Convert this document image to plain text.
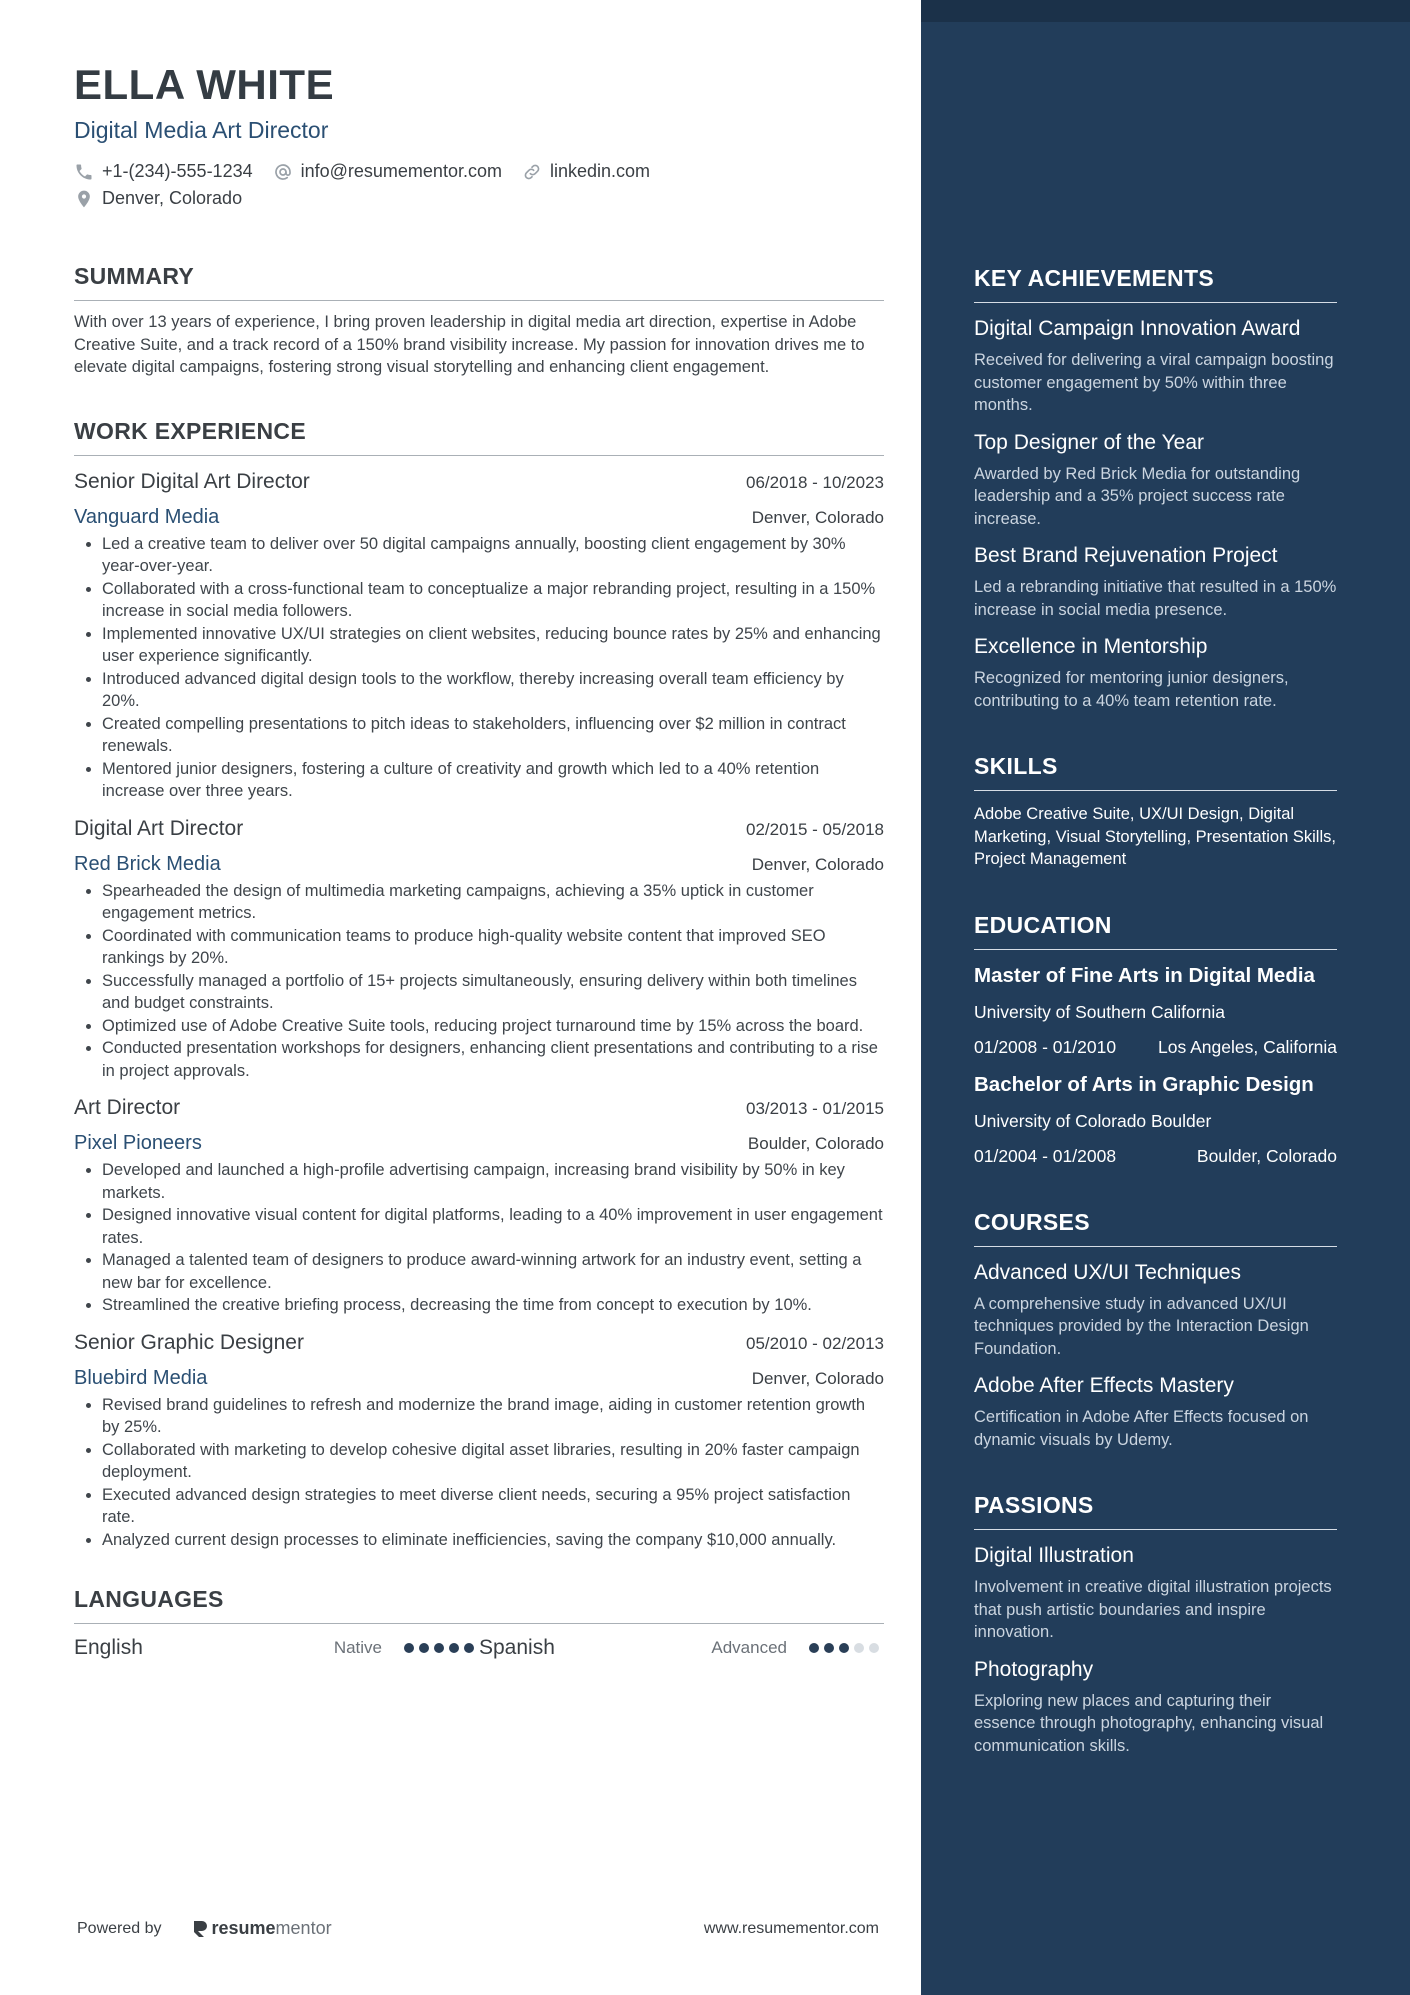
ELLA WHITE
Digital Media Art Director
+1-(234)-555-1234	info@resumementor.com	linkedin.com
Denver, Colorado
SUMMARY
With over 13 years of experience, I bring proven leadership in digital media art direction, expertise in Adobe Creative Suite, and a track record of a 150% brand visibility increase. My passion for innovation drives me to elevate digital campaigns, fostering strong visual storytelling and enhancing client engagement.
WORK EXPERIENCE
Senior Digital Art Director	06/2018 - 10/2023
Vanguard Media	Denver, Colorado
• Led a creative team to deliver over 50 digital campaigns annually, boosting client engagement by 30% year-over-year.
• Collaborated with a cross-functional team to conceptualize a major rebranding project, resulting in a 150% increase in social media followers.
• Implemented innovative UX/UI strategies on client websites, reducing bounce rates by 25% and enhancing user experience significantly.
• Introduced advanced digital design tools to the workflow, thereby increasing overall team efficiency by 20%.
• Created compelling presentations to pitch ideas to stakeholders, influencing over $2 million in contract renewals.
• Mentored junior designers, fostering a culture of creativity and growth which led to a 40% retention increase over three years.
Digital Art Director	02/2015 - 05/2018
Red Brick Media	Denver, Colorado
• Spearheaded the design of multimedia marketing campaigns, achieving a 35% uptick in customer engagement metrics.
• Coordinated with communication teams to produce high-quality website content that improved SEO rankings by 20%.
• Successfully managed a portfolio of 15+ projects simultaneously, ensuring delivery within both timelines and budget constraints.
• Optimized use of Adobe Creative Suite tools, reducing project turnaround time by 15% across the board.
• Conducted presentation workshops for designers, enhancing client presentations and contributing to a rise in project approvals.
Art Director	03/2013 - 01/2015
Pixel Pioneers	Boulder, Colorado
• Developed and launched a high-profile advertising campaign, increasing brand visibility by 50% in key markets.
• Designed innovative visual content for digital platforms, leading to a 40% improvement in user engagement rates.
• Managed a talented team of designers to produce award-winning artwork for an industry event, setting a new bar for excellence.
• Streamlined the creative briefing process, decreasing the time from concept to execution by 10%.
Senior Graphic Designer	05/2010 - 02/2013
Bluebird Media	Denver, Colorado
• Revised brand guidelines to refresh and modernize the brand image, aiding in customer retention growth by 25%.
• Collaborated with marketing to develop cohesive digital asset libraries, resulting in 20% faster campaign deployment.
• Executed advanced design strategies to meet diverse client needs, securing a 95% project satisfaction rate.
• Analyzed current design processes to eliminate inefficiencies, saving the company $10,000 annually.
LANGUAGES
English	Native	Spanish	Advanced
Powered by	resume mentor	www.resumementor.com
KEY ACHIEVEMENTS
Digital Campaign Innovation Award
Received for delivering a viral campaign boosting customer engagement by 50% within three months.
Top Designer of the Year
Awarded by Red Brick Media for outstanding leadership and a 35% project success rate increase.
Best Brand Rejuvenation Project
Led a rebranding initiative that resulted in a 150% increase in social media presence.
Excellence in Mentorship
Recognized for mentoring junior designers, contributing to a 40% team retention rate.
SKILLS
Adobe Creative Suite, UX/UI Design, Digital Marketing, Visual Storytelling, Presentation Skills, Project Management
EDUCATION
Master of Fine Arts in Digital Media
University of Southern California
01/2008 - 01/2010 Los Angeles, California
Bachelor of Arts in Graphic Design
University of Colorado Boulder
01/2004 - 01/2008	Boulder, Colorado
COURSES
Advanced UX/UI Techniques
A comprehensive study in advanced UX/UI techniques provided by the Interaction Design Foundation.
Adobe After Effects Mastery
Certification in Adobe After Effects focused on dynamic visuals by Udemy.
PASSIONS
Digital Illustration
Involvement in creative digital illustration projects that push artistic boundaries and inspire innovation.
Photography
Exploring new places and capturing their essence through photography, enhancing visual communication skills.
